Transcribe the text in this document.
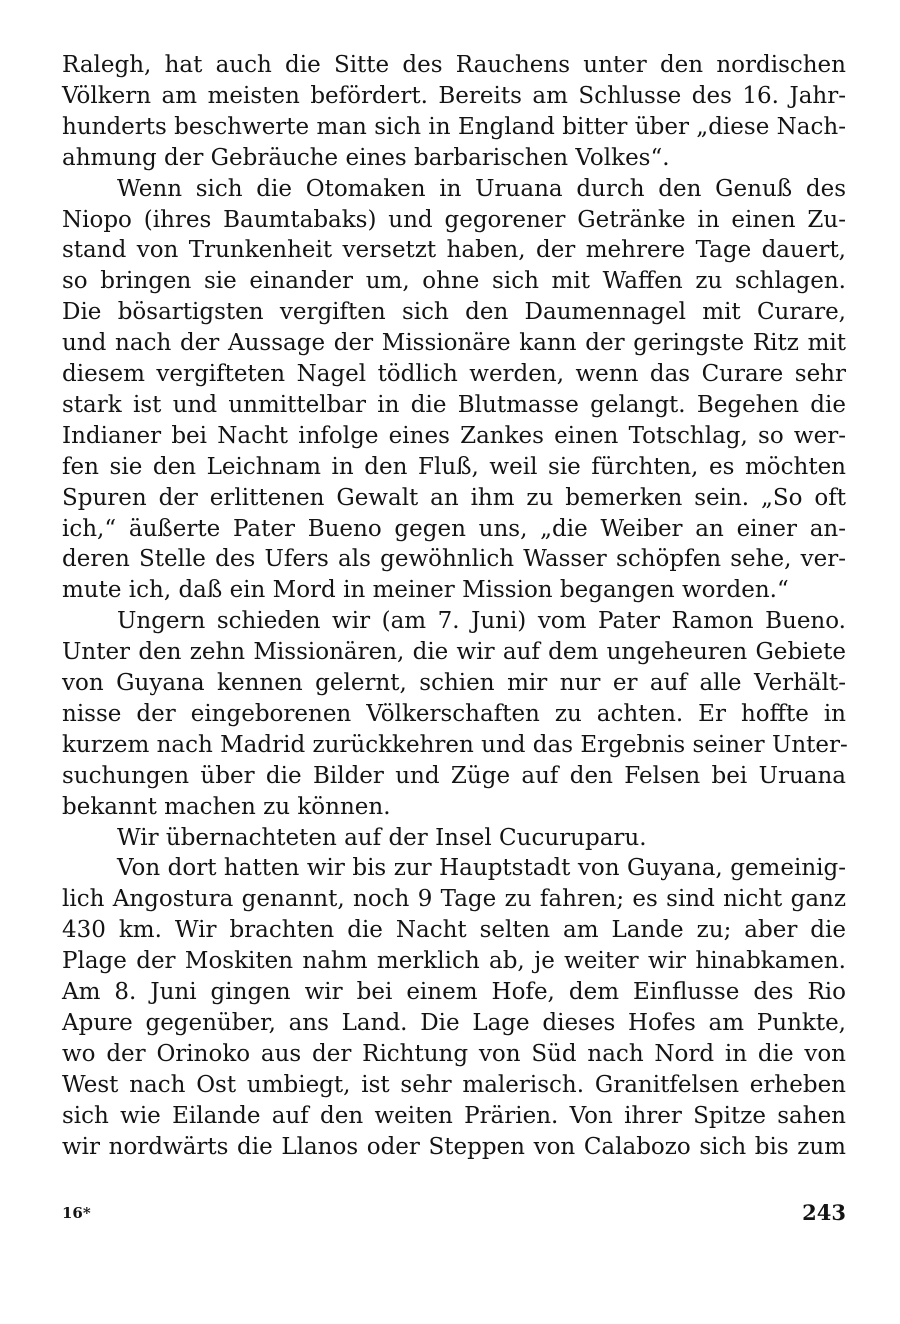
Ralegh, hat auch die Sitte des Rauchens unter den nordischen
Völkern am meisten befördert. Bereits am Schlusse des 16. Jahr-
hunderts beschwerte man sich in England bitter über „diese Nach-
ahmung der Gebräuche eines barbarischen Volkes“.
Wenn sich die Otomaken in Uruana durch den Genuß des
Niopo (ihres Baumtabaks) und gegorener Getränke in einen Zu-
stand von Trunkenheit versetzt haben, der mehrere Tage dauert,
so bringen sie einander um, ohne sich mit Waffen zu schlagen.
Die bösartigsten vergiften sich den Daumennagel mit Curare,
und nach der Aussage der Missionäre kann der geringste Ritz mit
diesem vergifteten Nagel tödlich werden, wenn das Curare sehr
stark ist und unmittelbar in die Blutmasse gelangt. Begehen die
Indianer bei Nacht infolge eines Zankes einen Totschlag, so wer-
fen sie den Leichnam in den Fluß, weil sie fürchten, es möchten
Spuren der erlittenen Gewalt an ihm zu bemerken sein. „So oft
ich,“ äußerte Pater Bueno gegen uns, „die Weiber an einer an-
deren Stelle des Ufers als gewöhnlich Wasser schöpfen sehe, ver-
mute ich, daß ein Mord in meiner Mission begangen worden.“
Ungern schieden wir (am 7. Juni) vom Pater Ramon Bueno.
Unter den zehn Missionären, die wir auf dem ungeheuren Gebiete
von Guyana kennen gelernt, schien mir nur er auf alle Verhält-
nisse der eingeborenen Völkerschaften zu achten. Er hoffte in
kurzem nach Madrid zurückkehren und das Ergebnis seiner Unter-
suchungen über die Bilder und Züge auf den Felsen bei Uruana
bekannt machen zu können.
Wir übernachteten auf der Insel Cucuruparu.
Von dort hatten wir bis zur Hauptstadt von Guyana, gemeinig-
lich Angostura genannt, noch 9 Tage zu fahren; es sind nicht ganz
430 km. Wir brachten die Nacht selten am Lande zu; aber die
Plage der Moskiten nahm merklich ab, je weiter wir hinabkamen.
Am 8. Juni gingen wir bei einem Hofe, dem Einflusse des Rio
Apure gegenüber, ans Land. Die Lage dieses Hofes am Punkte,
wo der Orinoko aus der Richtung von Süd nach Nord in die von
West nach Ost umbiegt, ist sehr malerisch. Granitfelsen erheben
sich wie Eilande auf den weiten Prärien. Von ihrer Spitze sahen
wir nordwärts die Llanos oder Steppen von Calabozo sich bis zum
16*	243
